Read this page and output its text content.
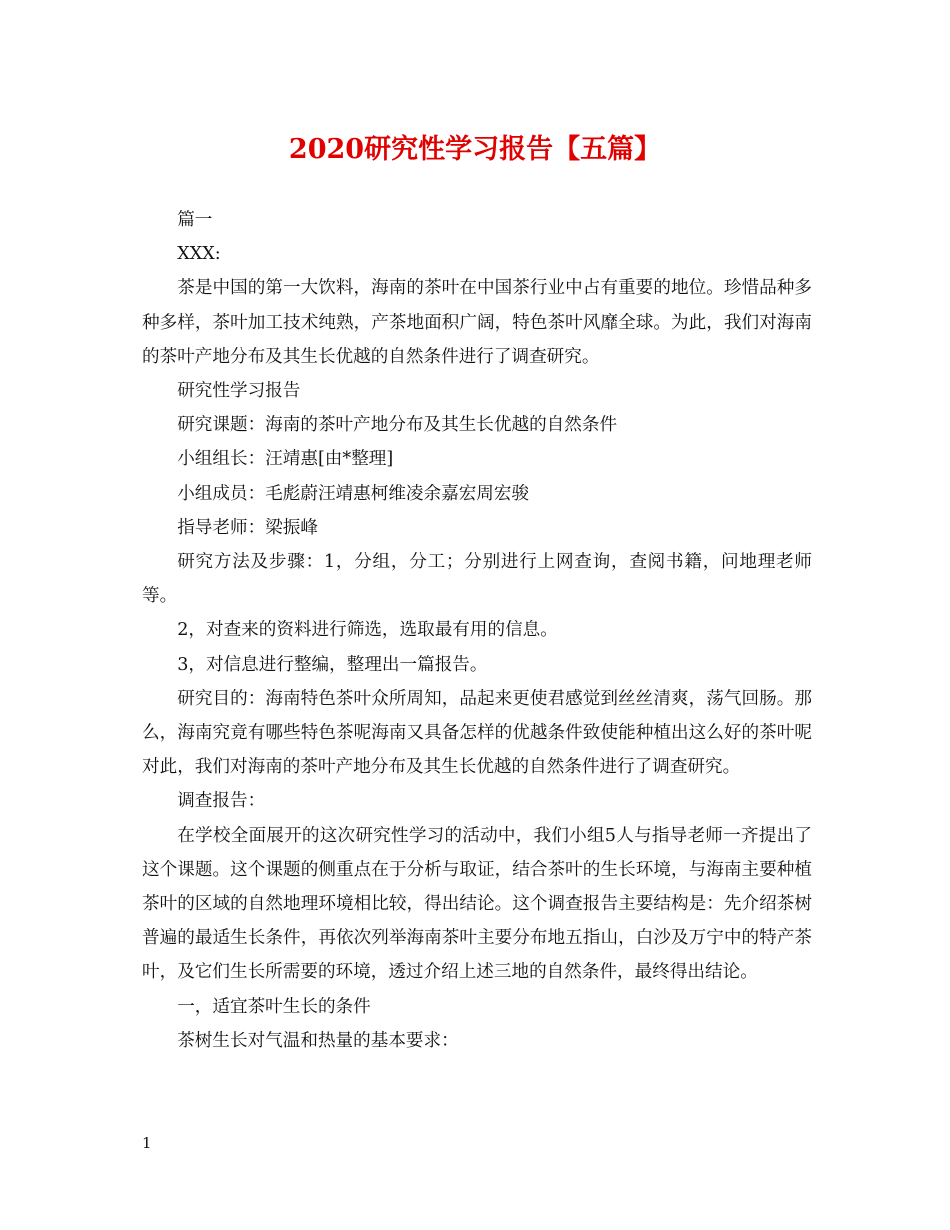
2020研究性学习报告【五篇】

篇一

XXX:

茶是中国的第一大饮料，海南的茶叶在中国茶行业中占有重要的地位。珍惜品种多种多样，茶叶加工技术纯熟，产茶地面积广阔，特色茶叶风靡全球。为此，我们对海南的茶叶产地分布及其生长优越的自然条件进行了调查研究。

研究性学习报告

研究课题：海南的茶叶产地分布及其生长优越的自然条件

小组组长：汪靖惠[由*整理]

小组成员：毛彪蔚汪靖惠柯维凌余嘉宏周宏骏

指导老师：梁振峰

研究方法及步骤：1，分组，分工；分别进行上网查询，查阅书籍，问地理老师等。

2，对查来的资料进行筛选，选取最有用的信息。

3，对信息进行整编，整理出一篇报告。

研究目的：海南特色茶叶众所周知，品起来更使君感觉到丝丝清爽，荡气回肠。那么，海南究竟有哪些特色茶呢海南又具备怎样的优越条件致使能种植出这么好的茶叶呢对此，我们对海南的茶叶产地分布及其生长优越的自然条件进行了调查研究。

调查报告：

在学校全面展开的这次研究性学习的活动中，我们小组5人与指导老师一齐提出了这个课题。这个课题的侧重点在于分析与取证，结合茶叶的生长环境，与海南主要种植茶叶的区域的自然地理环境相比较，得出结论。这个调查报告主要结构是：先介绍茶树普遍的最适生长条件，再依次列举海南茶叶主要分布地五指山，白沙及万宁中的特产茶叶，及它们生长所需要的环境，透过介绍上述三地的自然条件，最终得出结论。

一，适宜茶叶生长的条件

茶树生长对气温和热量的基本要求：

1
